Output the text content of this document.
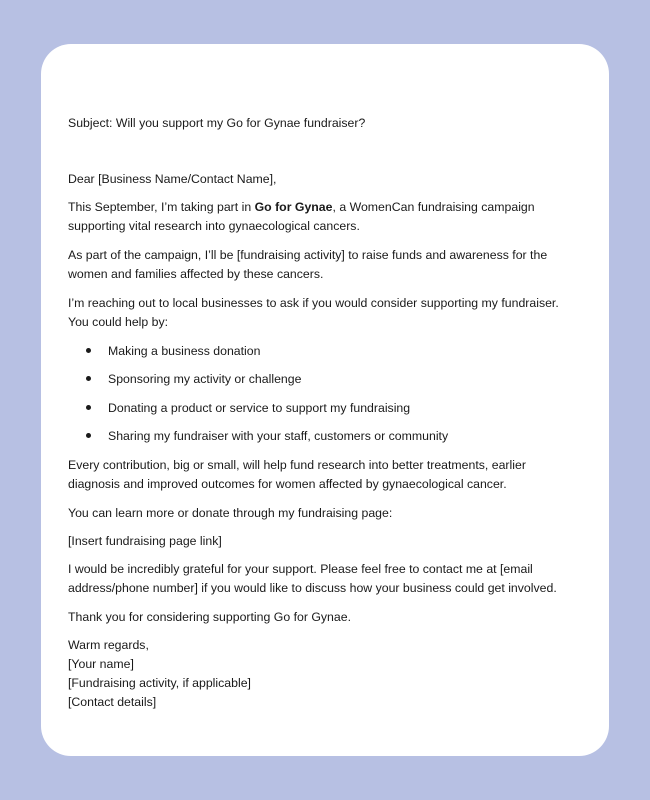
Subject: Will you support my Go for Gynae fundraiser?
Dear [Business Name/Contact Name],
This September, I’m taking part in Go for Gynae, a WomenCan fundraising campaign
supporting vital research into gynaecological cancers.
As part of the campaign, I’ll be [fundraising activity] to raise funds and awareness for the
women and families affected by these cancers.
I’m reaching out to local businesses to ask if you would consider supporting my fundraiser.
You could help by:
Making a business donation
Sponsoring my activity or challenge
Donating a product or service to support my fundraising
Sharing my fundraiser with your staff, customers or community
Every contribution, big or small, will help fund research into better treatments, earlier
diagnosis and improved outcomes for women affected by gynaecological cancer.
You can learn more or donate through my fundraising page:
[Insert fundraising page link]
I would be incredibly grateful for your support. Please feel free to contact me at [email
address/phone number] if you would like to discuss how your business could get involved.
Thank you for considering supporting Go for Gynae.
Warm regards,
[Your name]
[Fundraising activity, if applicable]
[Contact details]
